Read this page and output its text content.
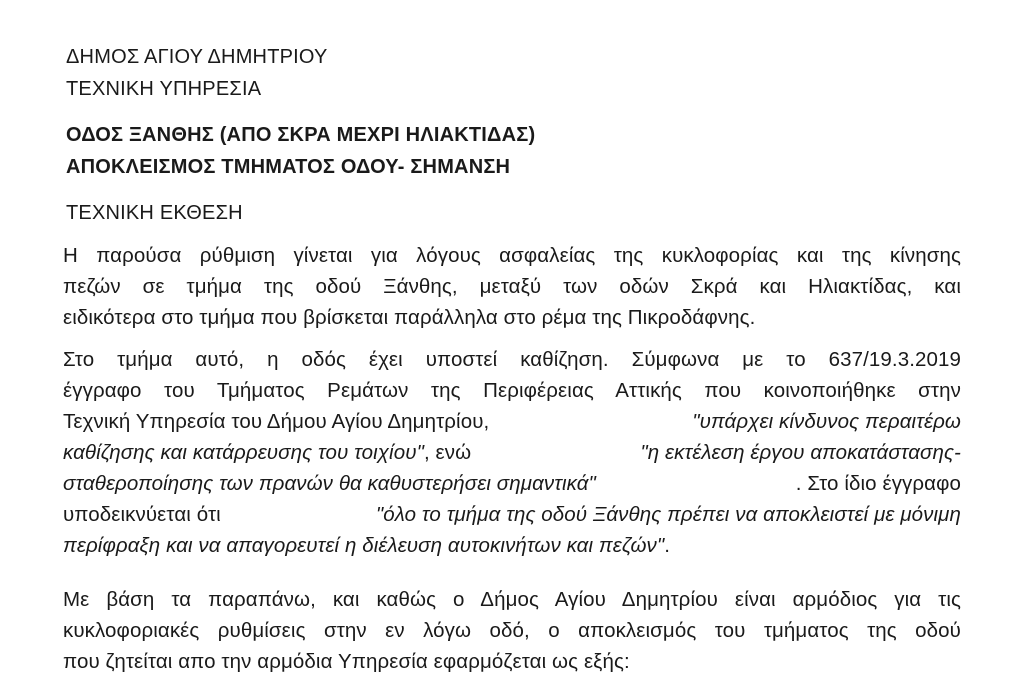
ΔΗΜΟΣ ΑΓΙΟΥ ΔΗΜΗΤΡΙΟΥ
ΤΕΧΝΙΚΗ ΥΠΗΡΕΣΙΑ
ΟΔΟΣ ΞΑΝΘΗΣ (ΑΠΟ ΣΚΡΑ ΜΕΧΡΙ ΗΛΙΑΚΤΙΔΑΣ)
ΑΠΟΚΛΕΙΣΜΟΣ ΤΜΗΜΑΤΟΣ ΟΔΟΥ- ΣΗΜΑΝΣΗ
ΤΕΧΝΙΚΗ ΕΚΘΕΣΗ
Η παρούσα ρύθμιση γίνεται για λόγους ασφαλείας της κυκλοφορίας και της κίνησης
πεζών σε τμήμα της οδού Ξάνθης, μεταξύ των οδών Σκρά και Ηλιακτίδας, και
ειδικότερα στο τμήμα που βρίσκεται παράλληλα στο ρέμα της Πικροδάφνης.
Στο τμήμα αυτό, η οδός έχει υποστεί καθίζηση. Σύμφωνα με το 637/19.3.2019
έγγραφο του Τμήματος Ρεμάτων της Περιφέρειας Αττικής που κοινοποιήθηκε στην
Τεχνική Υπηρεσία του Δήμου Αγίου Δημητρίου,	"υπάρχει κίνδυνος περαιτέρω
καθίζησης και κατάρρευσης του τοιχίου", ενώ	"η εκτέλεση έργου αποκατάστασης-
σταθεροποίησης των πρανών θα καθυστερήσει σημαντικά"	. Στο ίδιο έγγραφο
υποδεικνύεται ότι	"όλο το τμήμα της οδού Ξάνθης πρέπει να αποκλειστεί με μόνιμη
περίφραξη και να απαγορευτεί η διέλευση αυτοκινήτων και πεζών".
Με βάση τα παραπάνω, και καθώς ο Δήμος Αγίου Δημητρίου είναι αρμόδιος για τις
κυκλοφοριακές ρυθμίσεις στην εν λόγω οδό, ο αποκλεισμός του τμήματος της οδού
που ζητείται απο την αρμόδια Υπηρεσία εφαρμόζεται ως εξής:
